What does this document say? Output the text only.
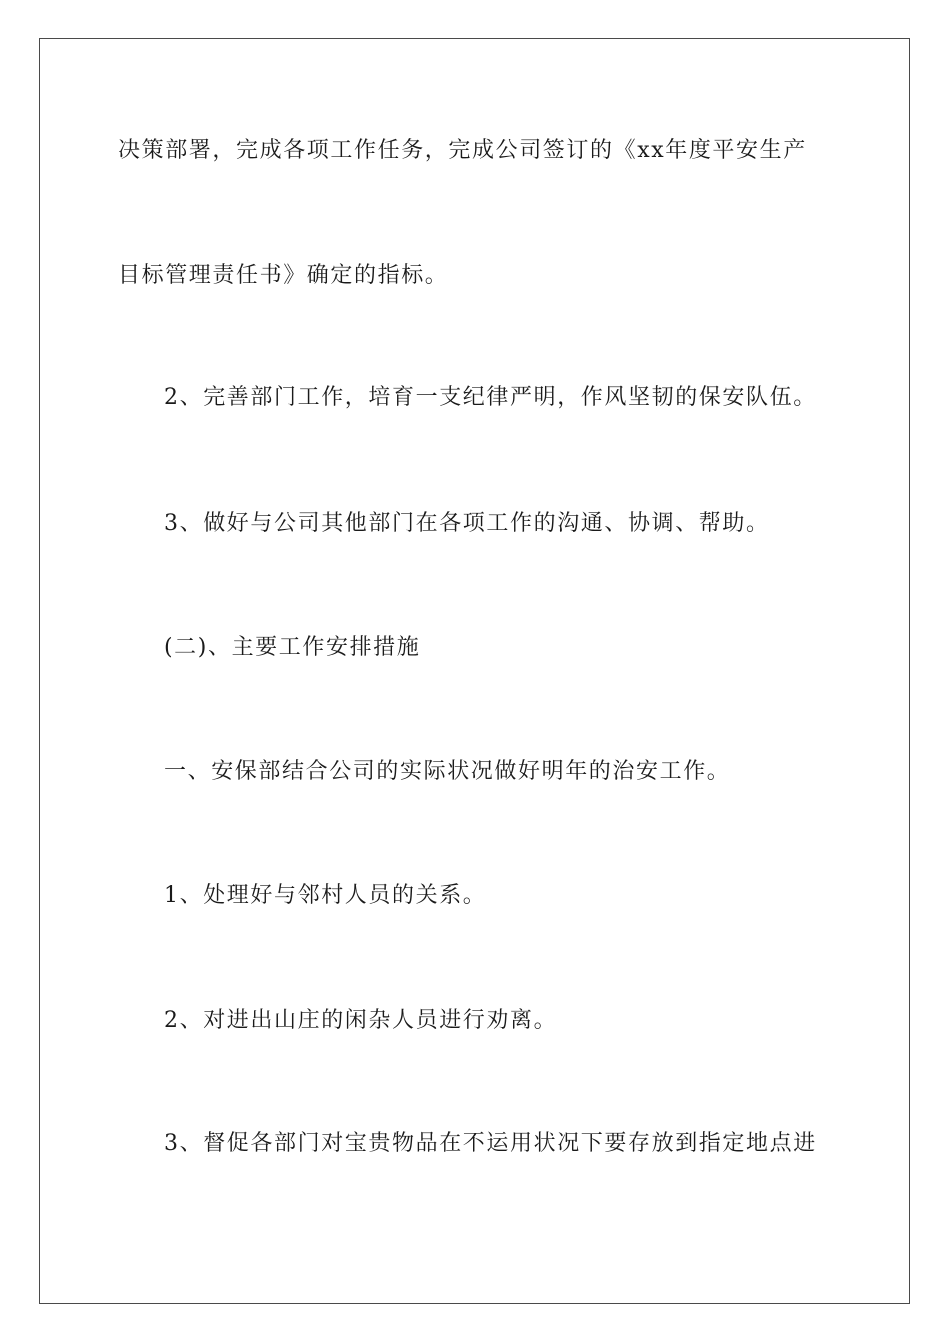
决策部署，完成各项工作任务，完成公司签订的《xx年度平安生产
目标管理责任书》确定的指标。
2、完善部门工作，培育一支纪律严明，作风坚韧的保安队伍。
3、做好与公司其他部门在各项工作的沟通、协调、帮助。
(二)、主要工作安排措施
一、安保部结合公司的实际状况做好明年的治安工作。
1、处理好与邻村人员的关系。
2、对进出山庄的闲杂人员进行劝离。
3、督促各部门对宝贵物品在不运用状况下要存放到指定地点进
